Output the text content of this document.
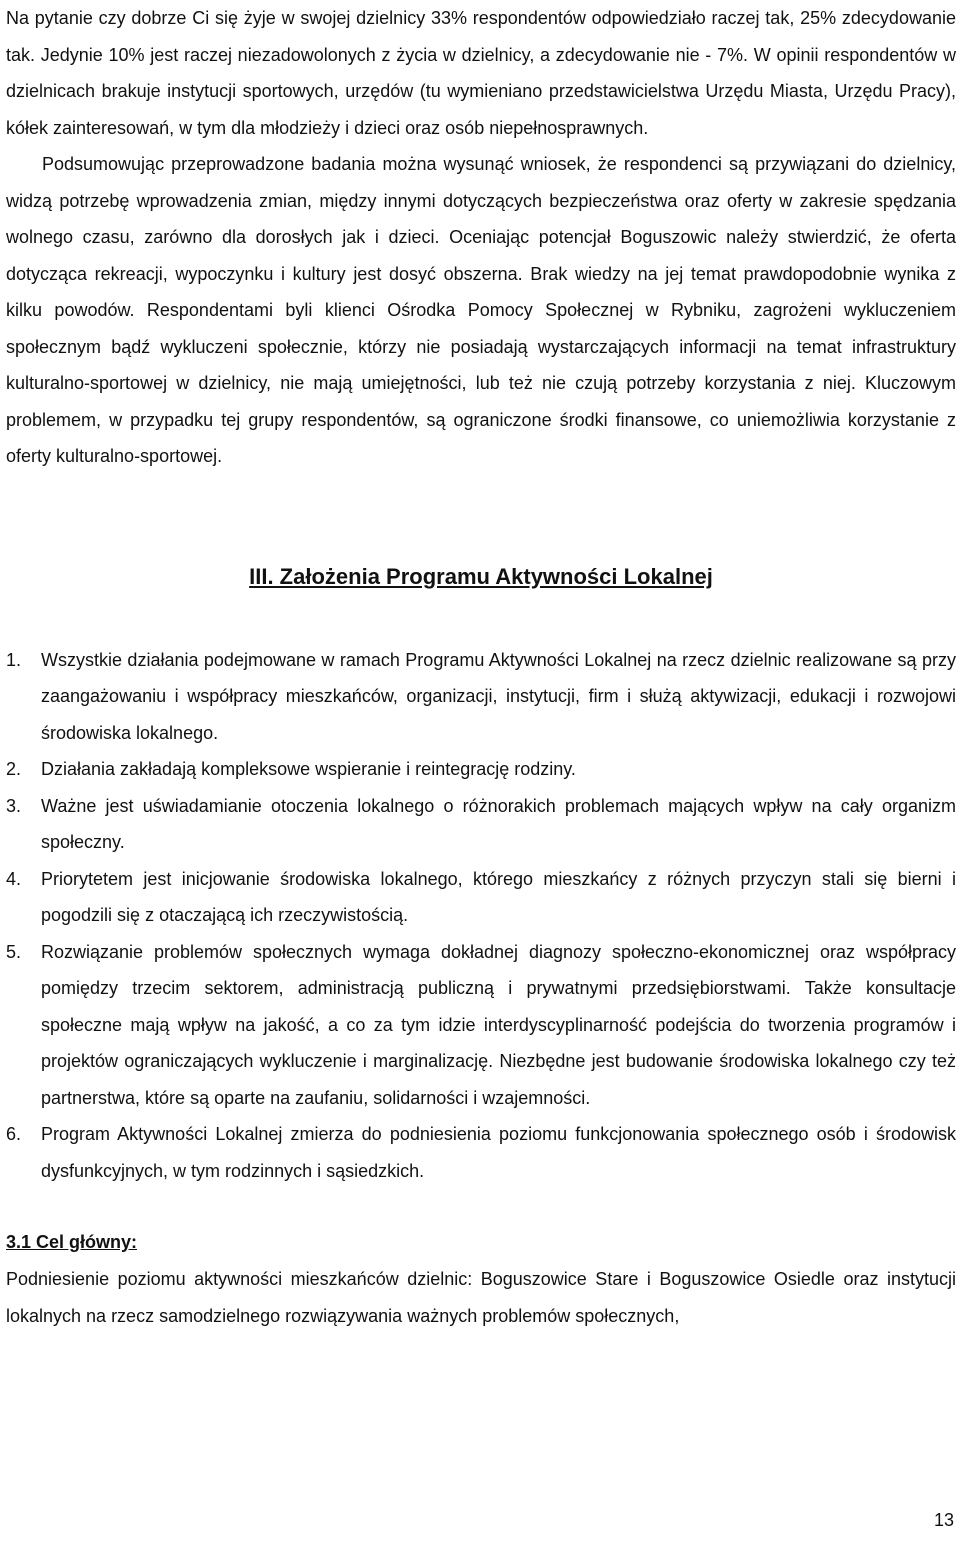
Na pytanie czy dobrze Ci się żyje w swojej dzielnicy 33% respondentów odpowiedziało raczej tak, 25% zdecydowanie tak. Jedynie 10% jest raczej niezadowolonych z życia w dzielnicy, a zdecydowanie nie - 7%. W opinii respondentów w dzielnicach brakuje instytucji sportowych, urzędów (tu wymieniano przedstawicielstwa Urzędu Miasta, Urzędu Pracy), kółek zainteresowań, w tym dla młodzieży i dzieci oraz osób niepełnosprawnych.

Podsumowując przeprowadzone badania można wysunąć wniosek, że respondenci są przywiązani do dzielnicy, widzą potrzebę wprowadzenia zmian, między innymi dotyczących bezpieczeństwa oraz oferty w zakresie spędzania wolnego czasu, zarówno dla dorosłych jak i dzieci. Oceniając potencjał Boguszowic należy stwierdzić, że oferta dotycząca rekreacji, wypoczynku i kultury jest dosyć obszerna. Brak wiedzy na jej temat prawdopodobnie wynika z kilku powodów. Respondentami byli klienci Ośrodka Pomocy Społecznej w Rybniku, zagrożeni wykluczeniem społecznym bądź wykluczeni społecznie, którzy nie posiadają wystarczających informacji na temat infrastruktury kulturalno-sportowej w dzielnicy, nie mają umiejętności, lub też nie czują potrzeby korzystania z niej. Kluczowym problemem, w przypadku tej grupy respondentów, są ograniczone środki finansowe, co uniemożliwia korzystanie z oferty kulturalno-sportowej.

III. Założenia Programu Aktywności Lokalnej
1.	Wszystkie działania podejmowane w ramach Programu Aktywności Lokalnej na rzecz dzielnic realizowane są przy zaangażowaniu i współpracy mieszkańców, organizacji, instytucji, firm i służą aktywizacji, edukacji i rozwojowi środowiska lokalnego.
2.	Działania zakładają kompleksowe wspieranie i reintegrację rodziny.
3.	Ważne jest uświadamianie otoczenia lokalnego o różnorakich problemach mających wpływ na cały organizm społeczny.
4.	Priorytetem jest inicjowanie środowiska lokalnego, którego mieszkańcy z różnych przyczyn stali się bierni i pogodzili się z otaczającą ich rzeczywistością.
5.	Rozwiązanie problemów społecznych wymaga dokładnej diagnozy społeczno-ekonomicznej oraz współpracy pomiędzy trzecim sektorem, administracją publiczną i prywatnymi przedsiębiorstwami. Także konsultacje społeczne mają wpływ na jakość, a co za tym idzie interdyscyplinarność podejścia do tworzenia programów i projektów ograniczających wykluczenie i marginalizację. Niezbędne jest budowanie środowiska lokalnego czy też partnerstwa, które są oparte na zaufaniu, solidarności i wzajemności.
6.	Program Aktywności Lokalnej zmierza do podniesienia poziomu funkcjonowania społecznego osób i środowisk dysfunkcyjnych, w tym rodzinnych i sąsiedzkich.

3.1 Cel główny:

Podniesienie poziomu aktywności mieszkańców dzielnic: Boguszowice Stare i Boguszowice Osiedle oraz instytucji lokalnych na rzecz samodzielnego rozwiązywania ważnych problemów społecznych,

13
